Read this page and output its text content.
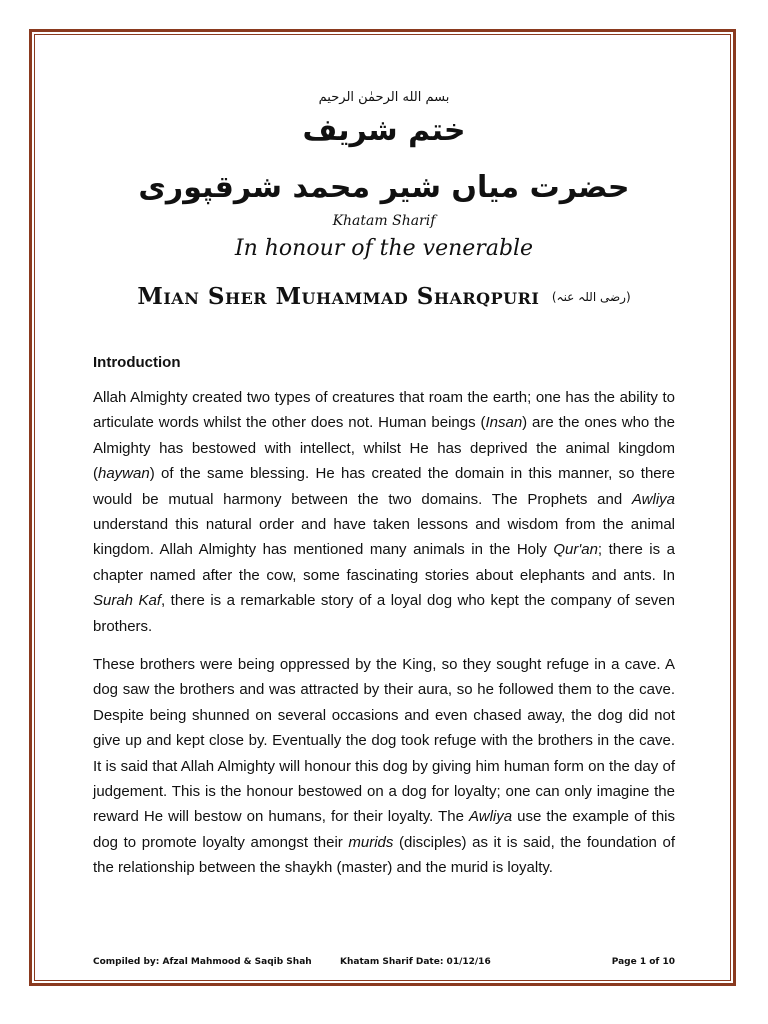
بسم الله الرحمٰن الرحیم
ختم شریف
حضرت میاں شیر محمد شرقپوری
Khatam Sharif
In honour of the venerable
Mian Sher Muhammad Sharqpuri (رضی اللہ عنہ)
Introduction

Allah Almighty created two types of creatures that roam the earth; one has the ability to articulate words whilst the other does not. Human beings (Insan) are the ones who the Almighty has bestowed with intellect, whilst He has deprived the animal kingdom (haywan) of the same blessing. He has created the domain in this manner, so there would be mutual harmony between the two domains. The Prophets and Awliya understand this natural order and have taken lessons and wisdom from the animal kingdom. Allah Almighty has mentioned many animals in the Holy Qur'an; there is a chapter named after the cow, some fascinating stories about elephants and ants. In Surah Kaf, there is a remarkable story of a loyal dog who kept the company of seven brothers.

These brothers were being oppressed by the King, so they sought refuge in a cave. A dog saw the brothers and was attracted by their aura, so he followed them to the cave. Despite being shunned on several occasions and even chased away, the dog did not give up and kept close by. Eventually the dog took refuge with the brothers in the cave. It is said that Allah Almighty will honour this dog by giving him human form on the day of judgement. This is the honour bestowed on a dog for loyalty; one can only imagine the reward He will bestow on humans, for their loyalty. The Awliya use the example of this dog to promote loyalty amongst their murids (disciples) as it is said, the foundation of the relationship between the shaykh (master) and the murid is loyalty.

Compiled by: Afzal Mahmood & Saqib Shah	Khatam Sharif Date: 01/12/16	Page 1 of 10
